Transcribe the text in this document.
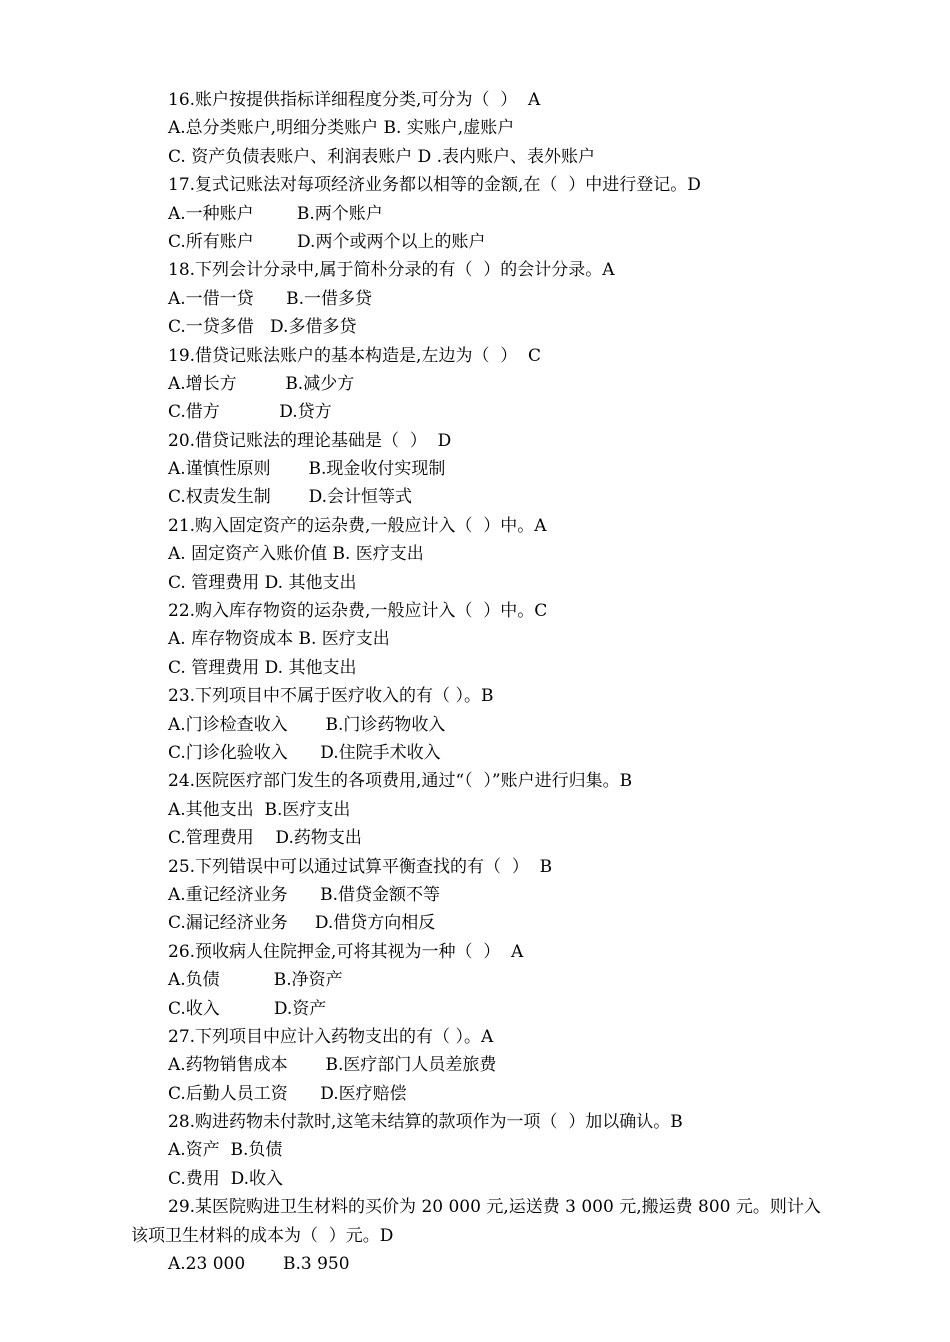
16.账户按提供指标详细程度分类,可分为（  ）  A
A.总分类账户,明细分类账户 B. 实账户,虚账户
C. 资产负债表账户、利润表账户 D .表内账户、表外账户
17.复式记账法对每项经济业务都以相等的金额,在（  ）中进行登记。D
A.一种账户        B.两个账户
C.所有账户        D.两个或两个以上的账户
18.下列会计分录中,属于简朴分录的有（  ）的会计分录。A
A.一借一贷      B.一借多贷
C.一贷多借   D.多借多贷
19.借贷记账法账户的基本构造是,左边为（  ）  C
A.增长方         B.减少方
C.借方           D.贷方
20.借贷记账法的理论基础是（  ）  D
A.谨慎性原则       B.现金收付实现制
C.权责发生制       D.会计恒等式
21.购入固定资产的运杂费,一般应计入（  ）中。A
A. 固定资产入账价值 B. 医疗支出
C. 管理费用 D. 其他支出
22.购入库存物资的运杂费,一般应计入（  ）中。C
A. 库存物资成本 B. 医疗支出
C. 管理费用 D. 其他支出
23.下列项目中不属于医疗收入的有（ ）。B
A.门诊检查收入       B.门诊药物收入
C.门诊化验收入      D.住院手术收入
24.医院医疗部门发生的各项费用,通过“（  ）”账户进行归集。B
A.其他支出  B.医疗支出
C.管理费用    D.药物支出
25.下列错误中可以通过试算平衡查找的有（  ）  B
A.重记经济业务      B.借贷金额不等
C.漏记经济业务     D.借贷方向相反
26.预收病人住院押金,可将其视为一种（  ）  A
A.负债          B.净资产
C.收入          D.资产
27.下列项目中应计入药物支出的有（ ）。A
A.药物销售成本       B.医疗部门人员差旅费
C.后勤人员工资      D.医疗赔偿
28.购进药物未付款时,这笔未结算的款项作为一项（  ）加以确认。B
A.资产  B.负债
C.费用  D.收入
29.某医院购进卫生材料的买价为 20 000 元,运送费 3 000 元,搬运费 800 元。则计入
该项卫生材料的成本为（  ）元。D
A.23 000       B.3 950
